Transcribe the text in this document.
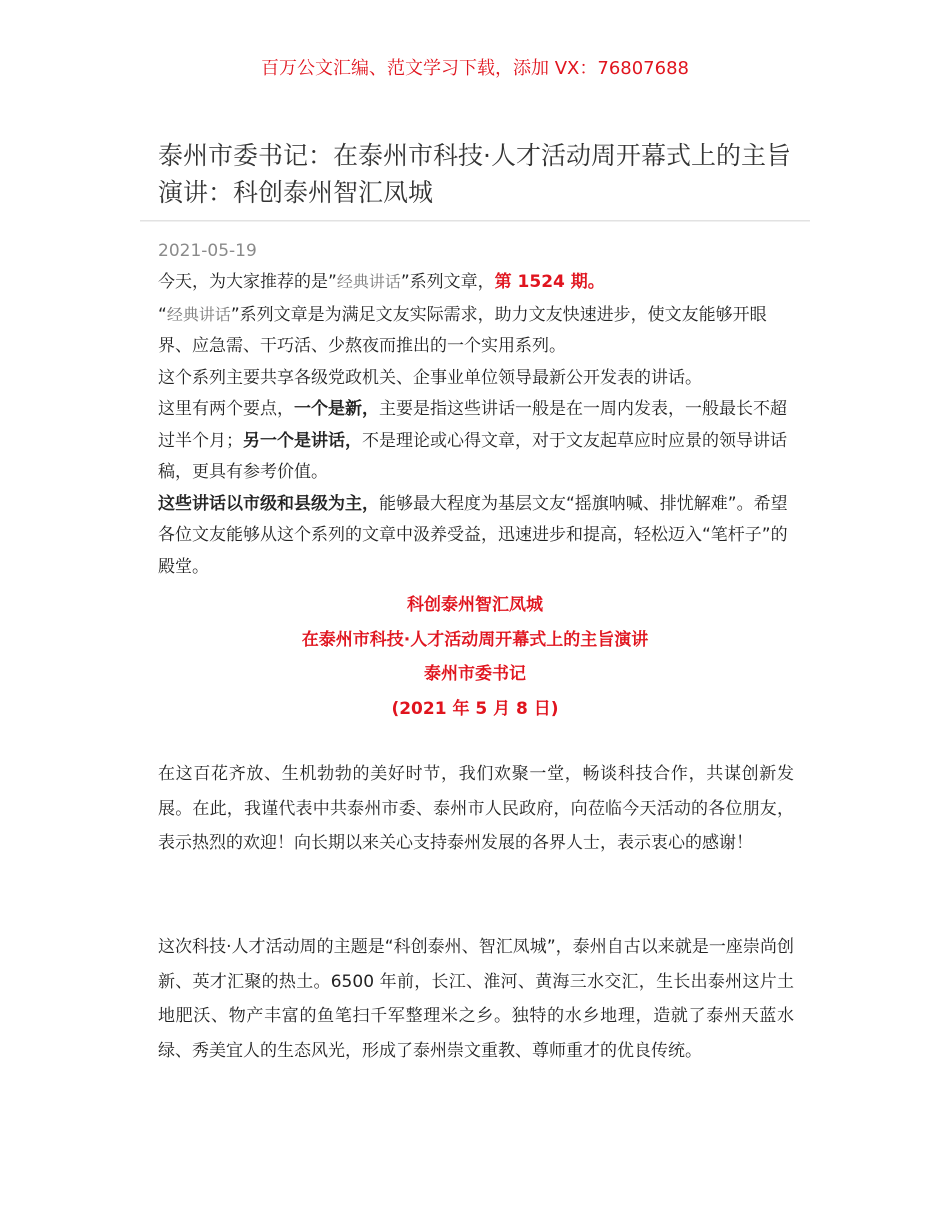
百万公文汇编、范文学习下载，添加 VX：76807688
泰州市委书记：在泰州市科技·人才活动周开幕式上的主旨演讲：科创泰州智汇凤城
2021-05-19

今天，为大家推荐的是”经典讲话”系列文章，第 1524 期。

“经典讲话”系列文章是为满足文友实际需求，助力文友快速进步，使文友能够开眼界、应急需、干巧活、少熬夜而推出的一个实用系列。

这个系列主要共享各级党政机关、企事业单位领导最新公开发表的讲话。

这里有两个要点，一个是新，主要是指这些讲话一般是在一周内发表，一般最长不超过半个月；另一个是讲话，不是理论或心得文章，对于文友起草应时应景的领导讲话稿，更具有参考价值。

这些讲话以市级和县级为主，能够最大程度为基层文友“摇旗呐喊、排忧解难”。希望各位文友能够从这个系列的文章中汲养受益，迅速进步和提高，轻松迈入“笔杆子”的殿堂。

科创泰州智汇凤城
在泰州市科技·人才活动周开幕式上的主旨演讲
泰州市委书记
(2021 年 5 月 8 日)

在这百花齐放、生机勃勃的美好时节，我们欢聚一堂，畅谈科技合作，共谋创新发展。在此，我谨代表中共泰州市委、泰州市人民政府，向莅临今天活动的各位朋友，表示热烈的欢迎！向长期以来关心支持泰州发展的各界人士，表示衷心的感谢！

这次科技·人才活动周的主题是“科创泰州、智汇凤城”，泰州自古以来就是一座崇尚创新、英才汇聚的热土。6500 年前，长江、淮河、黄海三水交汇，生长出泰州这片土地肥沃、物产丰富的鱼笔扫千军整理米之乡。独特的水乡地理，造就了泰州天蓝水绿、秀美宜人的生态风光，形成了泰州崇文重教、尊师重才的优良传统。
